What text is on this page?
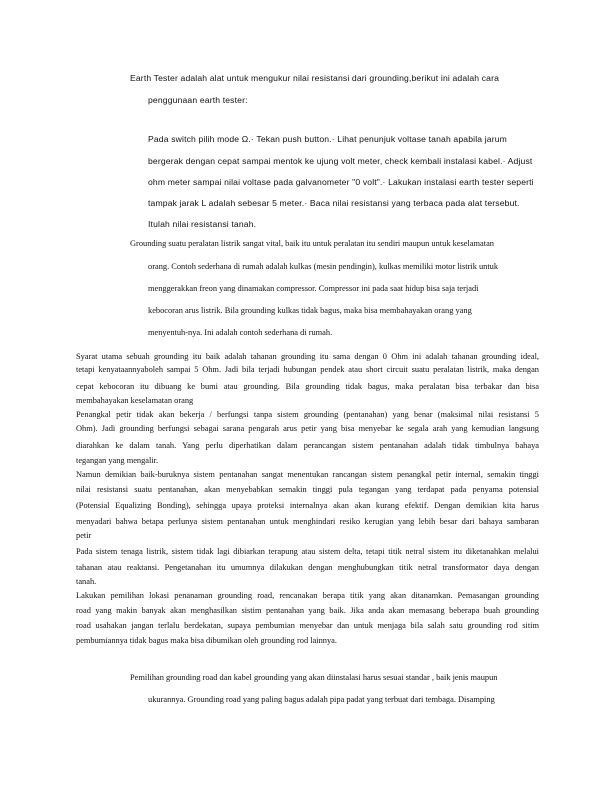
Earth Tester adalah alat untuk mengukur nilai resistansi dari grounding,berikut ini adalah cara
penggunaan earth tester:
Pada switch pilih mode Ω.· Tekan push button.· Lihat penunjuk voltase tanah apabila jarum
bergerak dengan cepat sampai mentok ke ujung volt meter, check kembali instalasi kabel.· Adjust
ohm meter sampai nilai voltase pada galvanometer "0 volt".· Lakukan instalasi earth tester seperti
tampak jarak L adalah sebesar 5 meter.· Baca nilai resistansi yang terbaca pada alat tersebut.
Itulah nilai resistansi tanah.
Grounding suatu peralatan listrik sangat vital, baik itu untuk peralatan itu sendiri maupun untuk keselamatan
orang. Contoh sederhana di rumah adalah kulkas (mesin pendingin), kulkas memiliki motor listrik untuk
menggerakkan freon yang dinamakan compressor. Compressor ini pada saat hidup bisa saja terjadi
kebocoran arus listrik. Bila grounding kulkas tidak bagus, maka bisa membahayakan orang yang
menyentuh-nya. Ini adalah contoh sederhana di rumah.
Syarat utama sebuah grounding itu baik adalah tahanan grounding itu sama dengan 0 Ohm ini adalah tahanan grounding ideal,
tetapi kenyataannyaboleh sampai 5 Ohm. Jadi bila terjadi hubungan pendek atau short circuit suatu peralatan listrik, maka dengan
cepat kebocoran itu dibuang ke bumi atau grounding. Bila grounding tidak bagus, maka peralatan bisa terbakar dan bisa
membahayakan keselamatan orang
Penangkal petir tidak akan bekerja / berfungsi tanpa sistem grounding (pentanahan) yang benar (maksimal nilai resistansi 5
Ohm). Jadi grounding berfungsi sebagai sarana pengarah arus petir yang bisa menyebar ke segala arah yang kemudian langsung
diarahkan ke dalam tanah. Yang perlu diperhatikan dalam perancangan sistem pentanahan adalah tidak timbulnya bahaya
tegangan yang mengalir.
Namun demikian baik-buruknya sistem pentanahan sangat menentukan rancangan sistem penangkal petir internal, semakin tinggi
nilai resistansi suatu pentanahan, akan menyebabkan semakin tinggi pula tegangan yang terdapat pada penyama potensial
(Potensial Equalizing Bonding), sehingga upaya proteksi internalnya akan akan kurang efektif. Dengan demikian kita harus
menyadari bahwa betapa perlunya sistem pentanahan untuk menghindari resiko kerugian yang lebih besar dari bahaya sambaran
petir
Pada sistem tenaga listrik, sistem tidak lagi dibiarkan terapung atau sistem delta, tetapi titik netral sistem itu diketanahkan melalui
tahanan atau reaktansi. Pengetanahan itu umumnya dilakukan dengan menghubungkan titik netral transformator daya dengan
tanah.
Lakukan pemilihan lokasi penanaman grounding road, rencanakan berapa titik yang akan ditanamkan. Pemasangan grounding
road yang makin banyak akan menghasilkan sistim pentanahan yang baik. Jika anda akan memasang beberapa buah grounding
road usahakan jangan terlalu berdekatan, supaya pembumian menyebar dan untuk menjaga bila salah satu grounding rod sitim
pembumiannya tidak bagus maka bisa dibumikan oleh grounding rod lainnya.
Pemilihan grounding road dan kabel grounding yang akan diinstalasi harus sesuai standar , baik jenis maupun
ukurannya. Grounding road yang paling bagus adalah pipa padat yang terbuat dari tembaga. Disamping
